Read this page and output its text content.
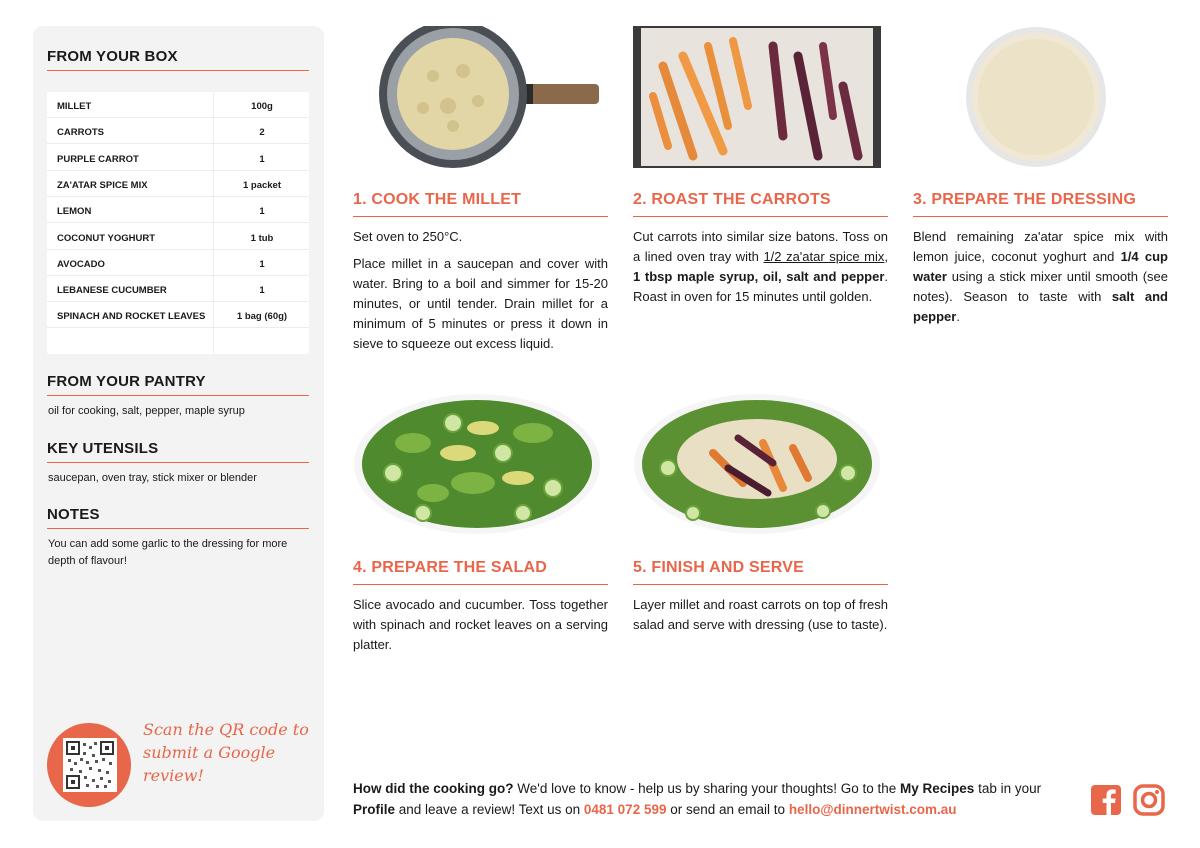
FROM YOUR BOX
MILLET	100g
CARROTS	2
PURPLE CARROT	1
ZA'ATAR SPICE MIX	1 packet
LEMON	1
COCONUT YOGHURT	1 tub
AVOCADO	1
LEBANESE CUCUMBER	1
SPINACH AND ROCKET LEAVES	1 bag (60g)
FROM YOUR PANTRY
oil for cooking, salt, pepper, maple syrup
KEY UTENSILS
saucepan, oven tray, stick mixer or blender
NOTES
You can add some garlic to the dressing for more depth of flavour!
Scan the QR code to submit a Google review!
1. COOK THE MILLET

Set oven to 250°C.

Place millet in a saucepan and cover with water. Bring to a boil and simmer for 15-20 minutes, or until tender. Drain millet for a minimum of 5 minutes or press it down in sieve to squeeze out excess liquid.

2. ROAST THE CARROTS

Cut carrots into similar size batons. Toss on a lined oven tray with 1/2 za'atar spice mix, 1 tbsp maple syrup, oil, salt and pepper. Roast in oven for 15 minutes until golden.

3. PREPARE THE DRESSING

Blend remaining za'atar spice mix with lemon juice, coconut yoghurt and 1/4 cup water using a stick mixer until smooth (see notes). Season to taste with salt and pepper.

4. PREPARE THE SALAD

Slice avocado and cucumber. Toss together with spinach and rocket leaves on a serving platter.

5. FINISH AND SERVE

Layer millet and roast carrots on top of fresh salad and serve with dressing (use to taste).

How did the cooking go? We'd love to know - help us by sharing your thoughts! Go to the My Recipes tab in your Profile and leave a review! Text us on 0481 072 599 or send an email to hello@dinnertwist.com.au
